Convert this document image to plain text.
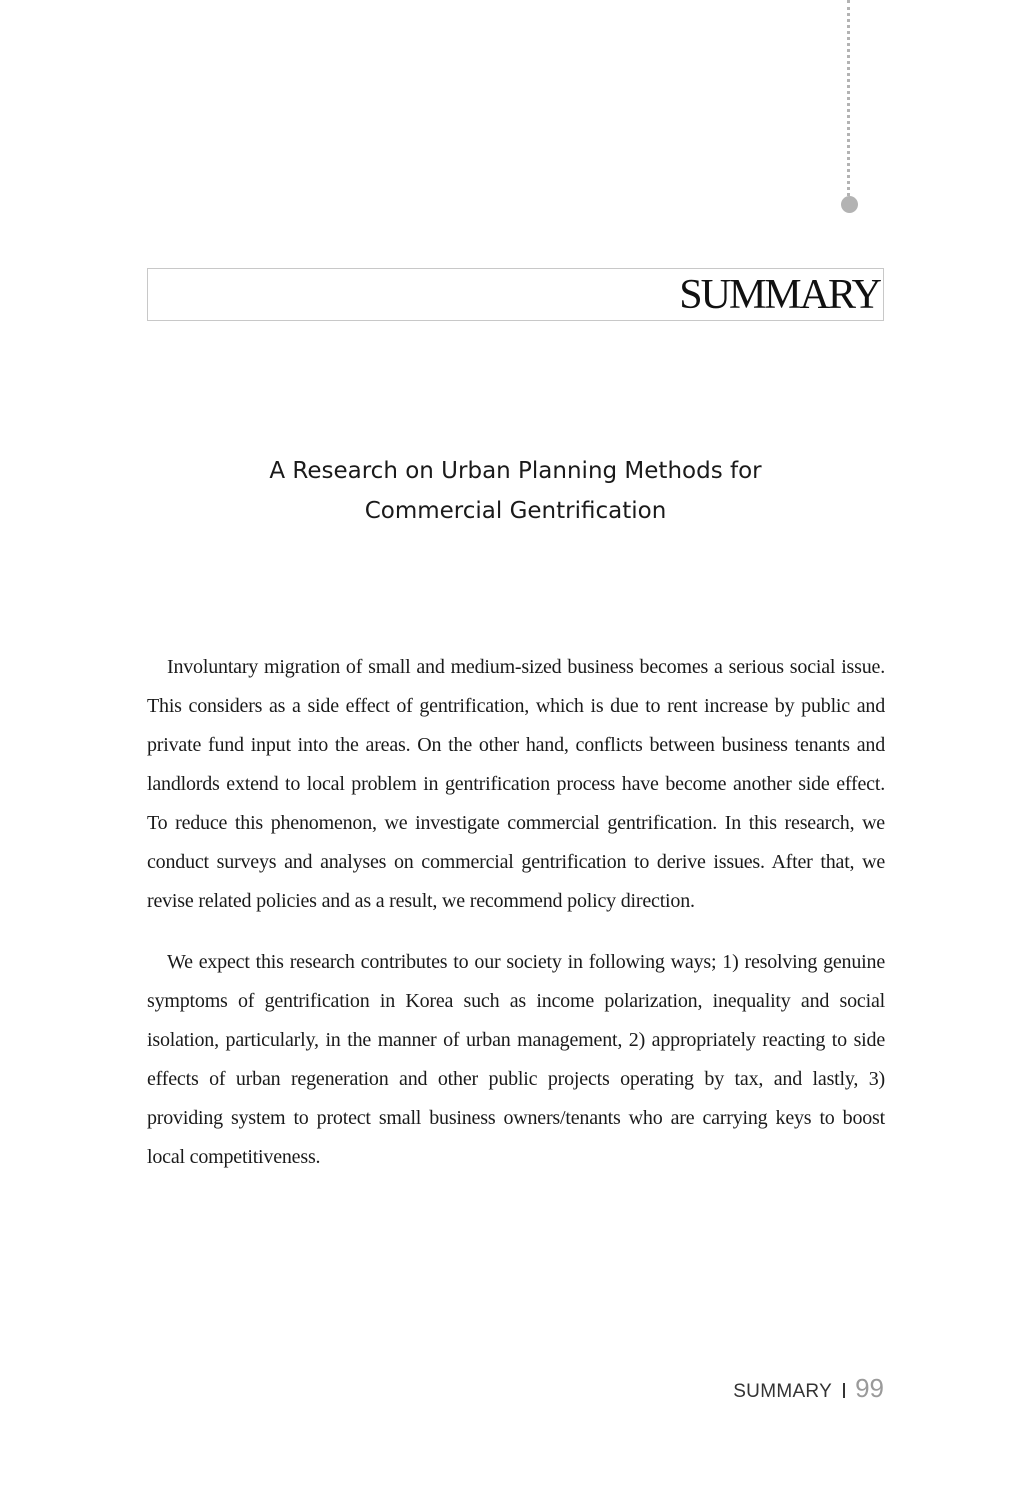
SUMMARY
A Research on Urban Planning Methods for
Commercial Gentrification

Involuntary migration of small and medium-sized business becomes a serious social issue. This considers as a side effect of gentrification, which is due to rent increase by public and private fund input into the areas. On the other hand, conflicts between business tenants and landlords extend to local problem in gentrification process have become another side effect. To reduce this phenomenon, we investigate commercial gentrification. In this research, we conduct surveys and analyses on commercial gentrification to derive issues. After that, we revise related policies and as a result, we recommend policy direction.

We expect this research contributes to our society in following ways; 1) resolving genuine symptoms of gentrification in Korea such as income polarization, inequality and social isolation, particularly, in the manner of urban management, 2) appropriately reacting to side effects of urban regeneration and other public projects operating by tax, and lastly, 3) providing system to protect small business owners/tenants who are carrying keys to boost local competitiveness.

SUMMARY 99
